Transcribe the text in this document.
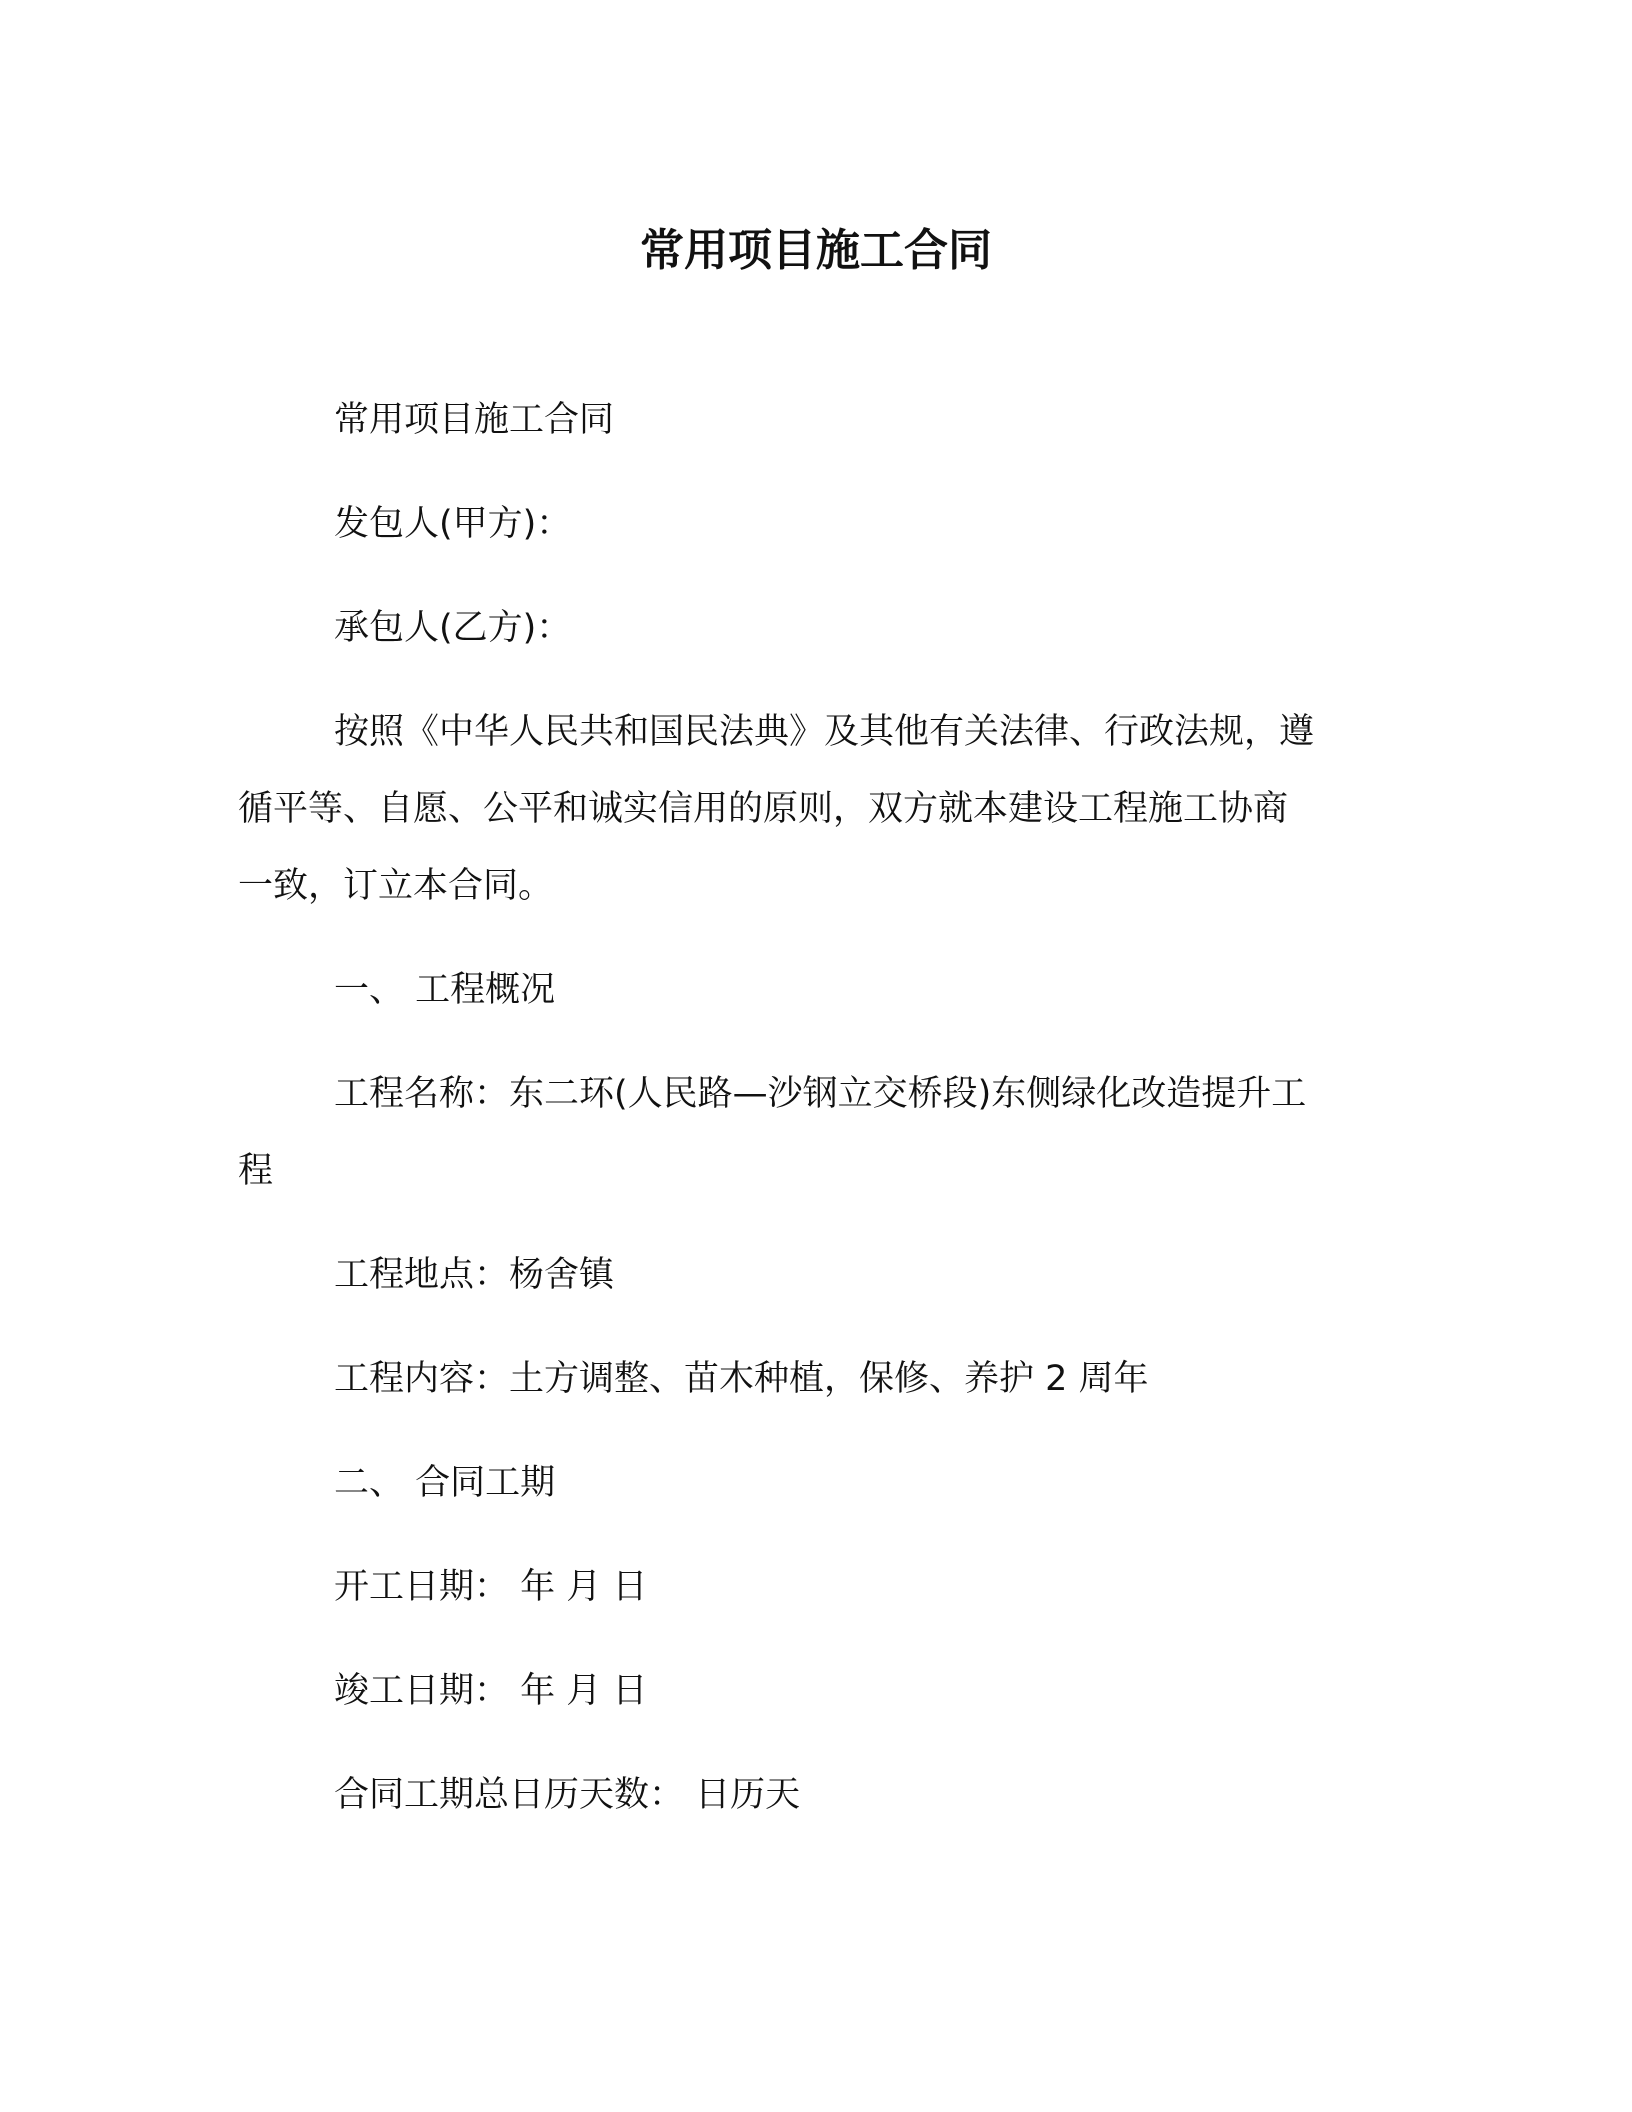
常用项目施工合同
常用项目施工合同
发包人(甲方)：
承包人(乙方)：
按照《中华人民共和国民法典》及其他有关法律、行政法规，遵
循平等、自愿、公平和诚实信用的原则，双方就本建设工程施工协商
一致，订立本合同。
一、 工程概况
工程名称：东二环(人民路—沙钢立交桥段)东侧绿化改造提升工
程
工程地点：杨舍镇
工程内容：土方调整、苗木种植，保修、养护 2 周年
二、 合同工期
开工日期： 年 月 日
竣工日期： 年 月 日
合同工期总日历天数： 日历天
